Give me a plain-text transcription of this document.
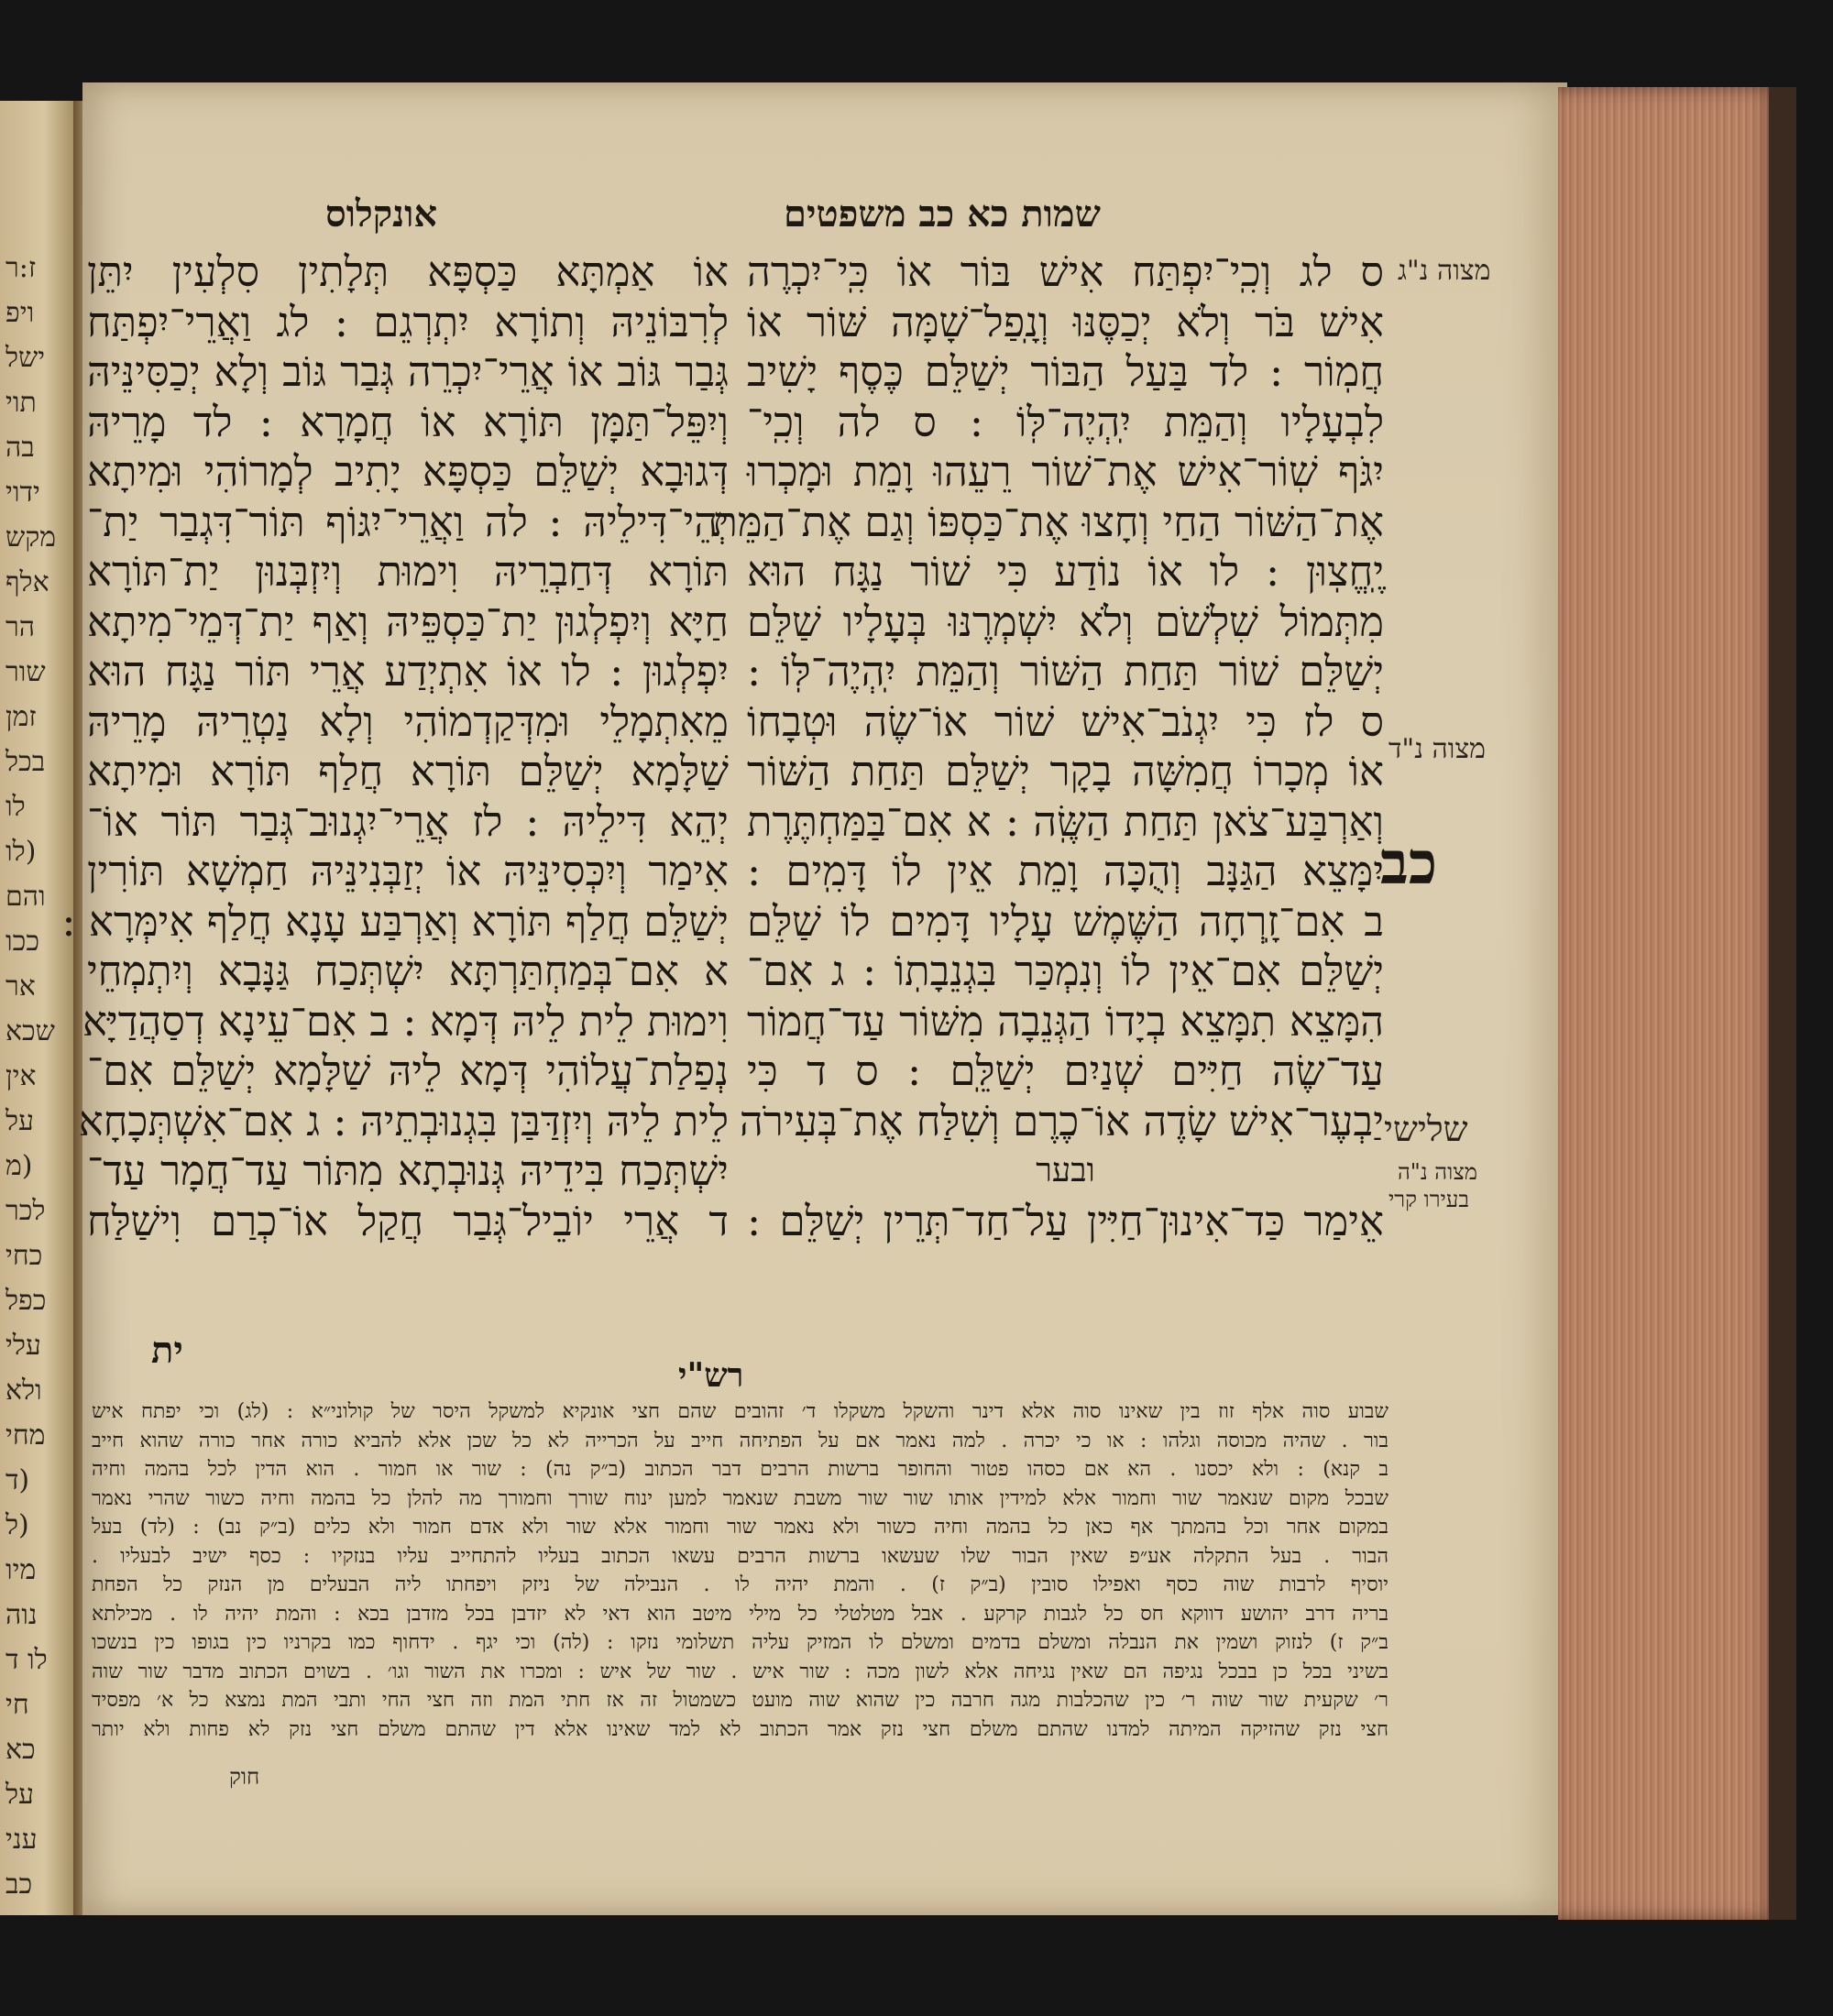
ז:ר
ויפ
ישל
תוי
בה
ידוי
מקש
אלף
הר
שור
זמן
בכל
לו
(לו
והם
ככו
אר
שכא
אין
על
(מ
לכר
כחי
כפל
עלי
ולא
מחי
(ד
(ל
מיו
נוה
לו ד
חי
כא
על
עני
כב
שמות כא כב משפטים
אונקלוס
ס לג וְכִֽי־יִפְתַּח אִישׁ בּוֹר אוֹ כִּֽי־יִכְרֶה
אִישׁ בֹּר וְלֹא יְכַסֶּנּוּ וְנָֽפַל־שָׁמָּה שּׁוֹר אוֹ
חֲמֽוֹר : לד בַּעַל הַבּוֹר יְשַׁלֵּם כֶּסֶף יָשִׁיב
לִבְעָלָיו וְהַמֵּת יִֽהְיֶה־לּֽוֹ : ס לה וְכִֽי־
יִגֹּף שֽׁוֹר־אִישׁ אֶת־שׁוֹר רֵעֵהוּ וָמֵת וּמָכְרוּ
אֶת־הַשּׁוֹר הַחַי וְחָצוּ אֶת־כַּסְפּוֹ וְגַם אֶת־הַמֵּת
יֶֽחֱצֽוּן : לו אוֹ נוֹדַע כִּי שׁוֹר נַגָּח הוּא
מִתְּמוֹל שִׁלְשֹׁם וְלֹא יִשְׁמְרֶנּוּ בְּעָלָיו שַׁלֵּם
יְשַׁלֵּם שׁוֹר תַּחַת הַשּׁוֹר וְהַמֵּת יִֽהְיֶה־לּֽוֹ :
ס לז כִּי יִגְנֹב־אִישׁ שׁוֹר אוֹ־שֶׂה וּטְבָחוֹ
אוֹ מְכָרוֹ חֲמִשָּׁה בָקָר יְשַׁלֵּם תַּחַת הַשּׁוֹר
וְאַרְבַּע־צֹאן תַּחַת הַשֶּֽׂה : א אִם־בַּמַּחְתֶּרֶת
יִמָּצֵא הַגַּנָּב וְהֻכָּה וָמֵת אֵין לוֹ דָּמִֽים :
ב אִם־זָֽרְחָה הַשֶּׁמֶשׁ עָלָיו דָּמִים לוֹ שַׁלֵּם
יְשַׁלֵּם אִם־אֵין לוֹ וְנִמְכַּר בִּגְנֵבָתֽוֹ : ג אִם־
הִמָּצֵא תִמָּצֵא בְיָדוֹ הַגְּנֵבָה מִשּׁוֹר עַד־חֲמוֹר
עַד־שֶׂה חַיִּים שְׁנַיִם יְשַׁלֵּֽם : ס ד כִּי
יַבְעֶר־אִישׁ שָׂדֶה אוֹ־כֶרֶם וְשִׁלַּח אֶת־בְּעִירֹה
ובער
אֵימַר כַּד־אִינוּן־חַיִּין עַל־חַד־תְּרֵין יְשַׁלֵּם :
אוֹ אַמְתָּא כַּסְפָּא תְּלָתִין סִלְעִין יִתֵּן
לְרִבּוֹנֵיהּ וְתוֹרָא יִתְרְגֵם : לג וַאֲרֵי־יִפְתַּח
גְּבַר גּוֹב אוֹ אֲרֵי־יִכְרֵה גְּבַר גּוֹב וְלָא יְכַסִּינֵּיהּ
וְיִפֵּל־תַּמָּן תּוֹרָא אוֹ חֲמָרָא : לד מָרֵיהּ
דְּגוּבָא יְשַׁלֵּם כַּסְפָּא יָתִיב לְמָרוֹהִי וּמִיתָא
יְהֵי־דִּילֵיהּ : לה וַאֲרֵי־יִגּוֹף תּוֹר־דִּגְבַר יַת־
תּוֹרָא דְּחַבְרֵיהּ וִימוּת וְיִזְבְּנוּן יַת־תּוֹרָא
חַיָּא וְיִפְלְגוּן יַת־כַּסְפֵּיהּ וְאַף יַת־דְּמֵי־מִיתָא
יִפְלְגוּן : לו אוֹ אִתְיְדַע אֲרֵי תּוֹר נַגָּח הוּא
מֵאִתְמָלֵי וּמִדְּקַדְמוֹהִי וְלָא נַטְרֵיהּ מָרֵיהּ
שַׁלָּמָא יְשַׁלֵּם תּוֹרָא חֲלַף תּוֹרָא וּמִיתָא
יְהֵא דִּילֵיהּ : לז אֲרֵי־יִגְנוּב־גְּבַר תּוֹר אוֹ־
אִימַר וְיִכְּסִינֵּיהּ אוֹ יְזַבְּנִינֵּיהּ חַמְשָׁא תּוֹרִין
יְשַׁלֵּם חֲלַף תּוֹרָא וְאַרְבַּע עָנָא חֲלַף אִימְּרָא :
א אִם־בְּמַחְתַּרְתָּא יִשְׁתְּכַח גַּנָּבָא וְיִתְמְחֵי
וִימוּת לֵית לֵיהּ דְּמָא : ב אִם־עֵינָא דְסַהֲדַיָּא
נְפַלַת־עֲלוֹהִי דְּמָא לֵיהּ שַׁלָּמָא יְשַׁלֵּם אִם־
לֵית לֵיהּ וְיִזְדַּבַּן בִּגְנוּבְתֵיהּ : ג אִם־אִשְׁתְּכָחָא
יִשְׁתְּכַח בִּידֵיהּ גְּנוּבְתָא מִתּוֹר עַד־חֲמָר עַד־
ד אֲרֵי יוֹבֵיל־גְּבַר חֲקַל אוֹ־כְרַם וִישַׁלַּח
ית
כב
מצוה נ"ג
מצוה נ"ד
שלישי
מצוה נ"ה
בעירו קרי
רש"י
שבוע סוה אלף זוז בין שאינו סוה אלא דינר והשקל משקלו ד׳ זהובים שהם חצי אונקיא למשקל היסר של קולוני״א : (לג) וכי יפתח איש
בור . שהיה מכוסה וגלהו : או כי יכרה . למה נאמר אם על הפתיחה חייב על הכרייה לא כל שכן אלא להביא כורה אחר כורה שהוא חייב
ב קנא) : ולא יכסנו . הא אם כסהו פטור והחופר ברשות הרבים דבר הכתוב (ב״ק נה) : שור או חמור . הוא הדין לכל בהמה וחיה
שבכל מקום שנאמר שור וחמור אלא למידין אותו שור שור משבת שנאמר למען ינוח שורך וחמורך מה להלן כל בהמה וחיה כשור שהרי נאמר
במקום אחר וכל בהמתך אף כאן כל בהמה וחיה כשור ולא נאמר שור וחמור אלא שור ולא אדם חמור ולא כלים (ב״ק נב) : (לד) בעל
הבור . בעל התקלה אע״פ שאין הבור שלו שעשאו ברשות הרבים עשאו הכתוב בעליו להתחייב עליו בנזקיו : כסף ישיב לבעליו .
יוסיף לרבות שוה כסף ואפילו סובין (ב״ק ז) . והמת יהיה לו . הנבילה של ניזק ויפחתו ליה הבעלים מן הנזק כל הפחת
בריה דרב יהושע דווקא חס כל לגבות קרקע . אבל מטלטלי כל מילי מיטב הוא דאי לא יזדבן בכל מזדבן בכא : והמת יהיה לו . מכילתא
ב״ק ז) לנזוק ושמין את הנבלה ומשלם בדמים ומשלם לו המזיק עליה תשלומי נזקו : (לה) וכי יגף . ידחוף כמו בקרניו כין בגופו כין בנשכו
בשיני בכל כן בבכל נגיפה הם שאין נגיחה אלא לשון מכה : שור איש . שור של איש : ומכרו את השור וגו׳ . בשוים הכתוב מדבר שור שוה
ר׳ שקעית שור שוה ר׳ כין שהכלבות מגה חרבה כין שהוא שוה מועט כשמטול זה אז חתי המת וזה חצי החי ותבי המת נמצא כל א׳ מפסיד
חצי נזק שהזיקה המיתה למדנו שהתם משלם חצי נזק אמר הכתוב לא למד שאינו אלא דין שהתם משלם חצי נזק לא פחות ולא יותר
חוק
